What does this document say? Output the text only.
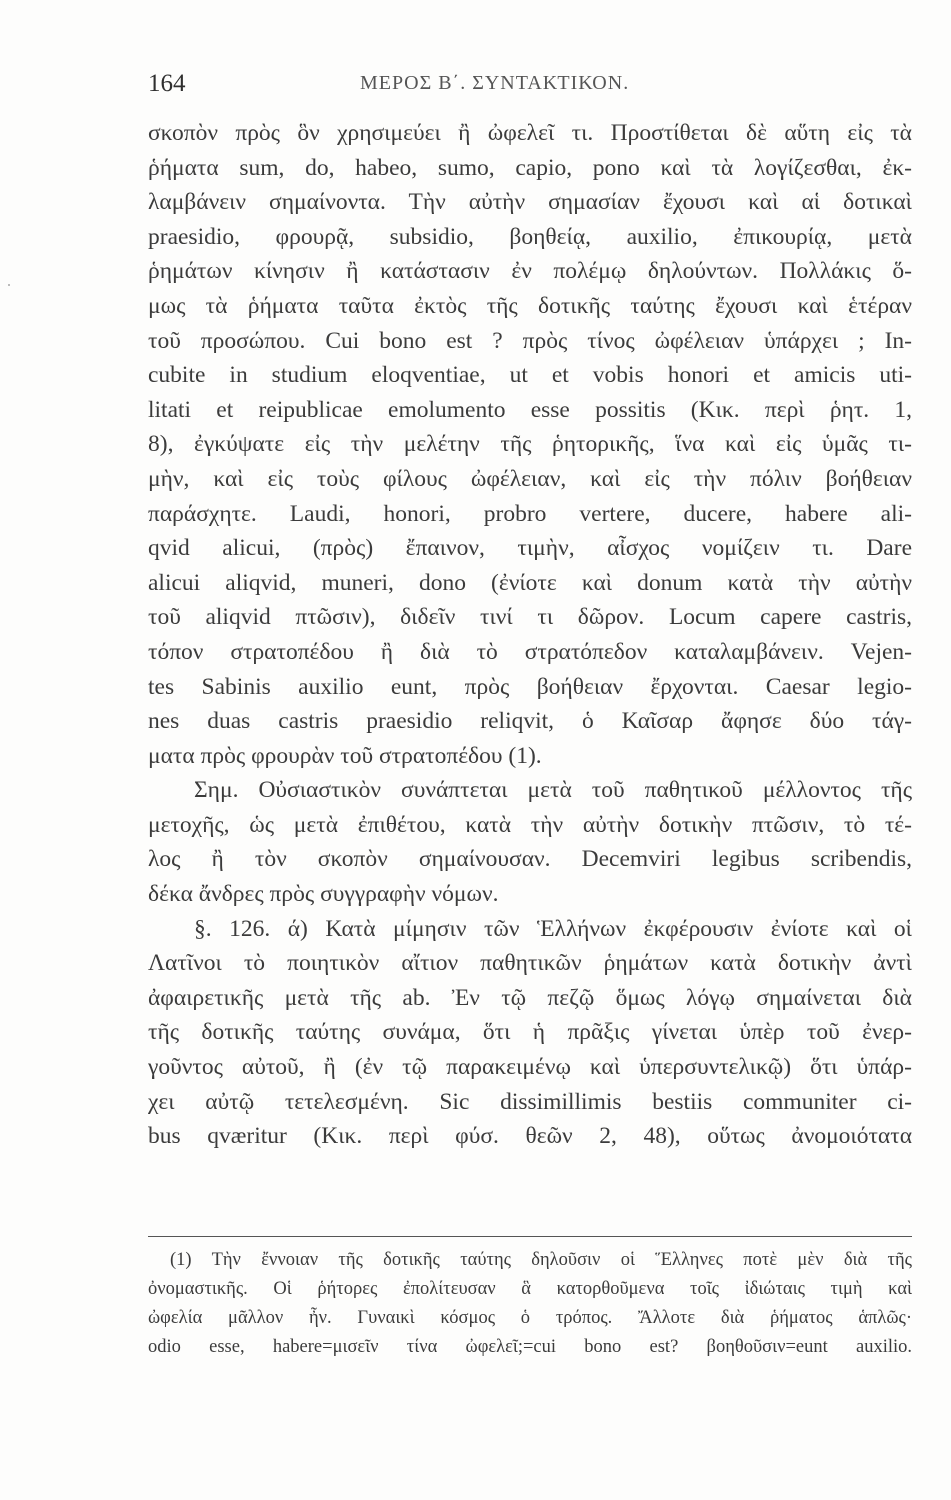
164	ΜΕΡΟΣ Β΄. ΣΥΝΤΑΚΤΙΚΟΝ.
σκοπὸν πρὸς ὃν χρησιμεύει ἢ ὠφελεῖ τι. Προστίθεται δὲ αὕτη εἰς τὰ
ῥήματα sum, do, habeo, sumo, capio, pono καὶ τὰ λογίζεσθαι, ἐκ-
λαμβάνειν σημαίνοντα. Τὴν αὐτὴν σημασίαν ἔχουσι καὶ αἱ δοτικαὶ
praesidio, φρουρᾷ, subsidio, βοηθείᾳ, auxilio, ἐπικουρίᾳ, μετὰ
ῥημάτων κίνησιν ἢ κατάστασιν ἐν πολέμῳ δηλούντων. Πολλάκις ὅ-
μως τὰ ῥήματα ταῦτα ἐκτὸς τῆς δοτικῆς ταύτης ἔχουσι καὶ ἑτέραν
τοῦ προσώπου. Cui bono est ? πρὸς τίνος ὠφέλειαν ὑπάρχει ; In-
cubite in studium eloqventiae, ut et vobis honori et amicis uti-
litati et reipublicae emolumento esse possitis (Κικ. περὶ ῥητ. 1,
8), ἐγκύψατε εἰς τὴν μελέτην τῆς ῥητορικῆς, ἵνα καὶ εἰς ὑμᾶς τι-
μὴν, καὶ εἰς τοὺς φίλους ὠφέλειαν, καὶ εἰς τὴν πόλιν βοήθειαν
παράσχητε. Laudi, honori, probro vertere, ducere, habere ali-
qvid alicui, (πρὸς) ἔπαινον, τιμὴν, αἶσχος νομίζειν τι. Dare
alicui aliqvid, muneri, dono (ἐνίοτε καὶ donum κατὰ τὴν αὐτὴν
τοῦ aliqvid πτῶσιν), διδεῖν τινί τι δῶρον. Locum capere castris,
τόπον στρατοπέδου ἢ διὰ τὸ στρατόπεδον καταλαμβάνειν. Vejen-
tes Sabinis auxilio eunt, πρὸς βοήθειαν ἔρχονται. Caesar legio-
nes duas castris praesidio reliqvit, ὁ Καῖσαρ ἄφησε δύο τάγ-
ματα πρὸς φρουρὰν τοῦ στρατοπέδου (1).
Σημ. Οὐσιαστικὸν συνάπτεται μετὰ τοῦ παθητικοῦ μέλλοντος τῆς
μετοχῆς, ὡς μετὰ ἐπιθέτου, κατὰ τὴν αὐτὴν δοτικὴν πτῶσιν, τὸ τέ-
λος ἢ τὸν σκοπὸν σημαίνουσαν. Decemviri legibus scribendis,
δέκα ἄνδρες πρὸς συγγραφὴν νόμων.
§. 126. ά) Κατὰ μίμησιν τῶν Ἑλλήνων ἐκφέρουσιν ἐνίοτε καὶ οἱ
Λατῖνοι τὸ ποιητικὸν αἴτιον παθητικῶν ῥημάτων κατὰ δοτικὴν ἀντὶ
ἀφαιρετικῆς μετὰ τῆς ab. Ἐν τῷ πεζῷ ὅμως λόγῳ σημαίνεται διὰ
τῆς δοτικῆς ταύτης συνάμα, ὅτι ἡ πρᾶξις γίνεται ὑπὲρ τοῦ ἐνερ-
γοῦντος αὐτοῦ, ἢ (ἐν τῷ παρακειμένῳ καὶ ὑπερσυντελικῷ) ὅτι ὑπάρ-
χει αὐτῷ τετελεσμένη. Sic dissimillimis bestiis communiter ci-
bus qværitur (Κικ. περὶ φύσ. θεῶν 2, 48), οὕτως ἀνομοιότατα
(1) Τὴν ἔννοιαν τῆς δοτικῆς ταύτης δηλοῦσιν οἱ Ἕλληνες ποτὲ μὲν διὰ τῆς
ὀνομαστικῆς. Οἱ ῥήτορες ἐπολίτευσαν ἃ κατορθοῦμενα τοῖς ἰδιώταις τιμὴ καὶ
ὠφελία μᾶλλον ἦν. Γυναικὶ κόσμος ὁ τρόπος. Ἄλλοτε διὰ ῥήματος ἁπλῶς·
odio esse, habere=μισεῖν τίνα ὠφελεῖ;=cui bono est? βοηθοῦσιν=eunt auxilio.
